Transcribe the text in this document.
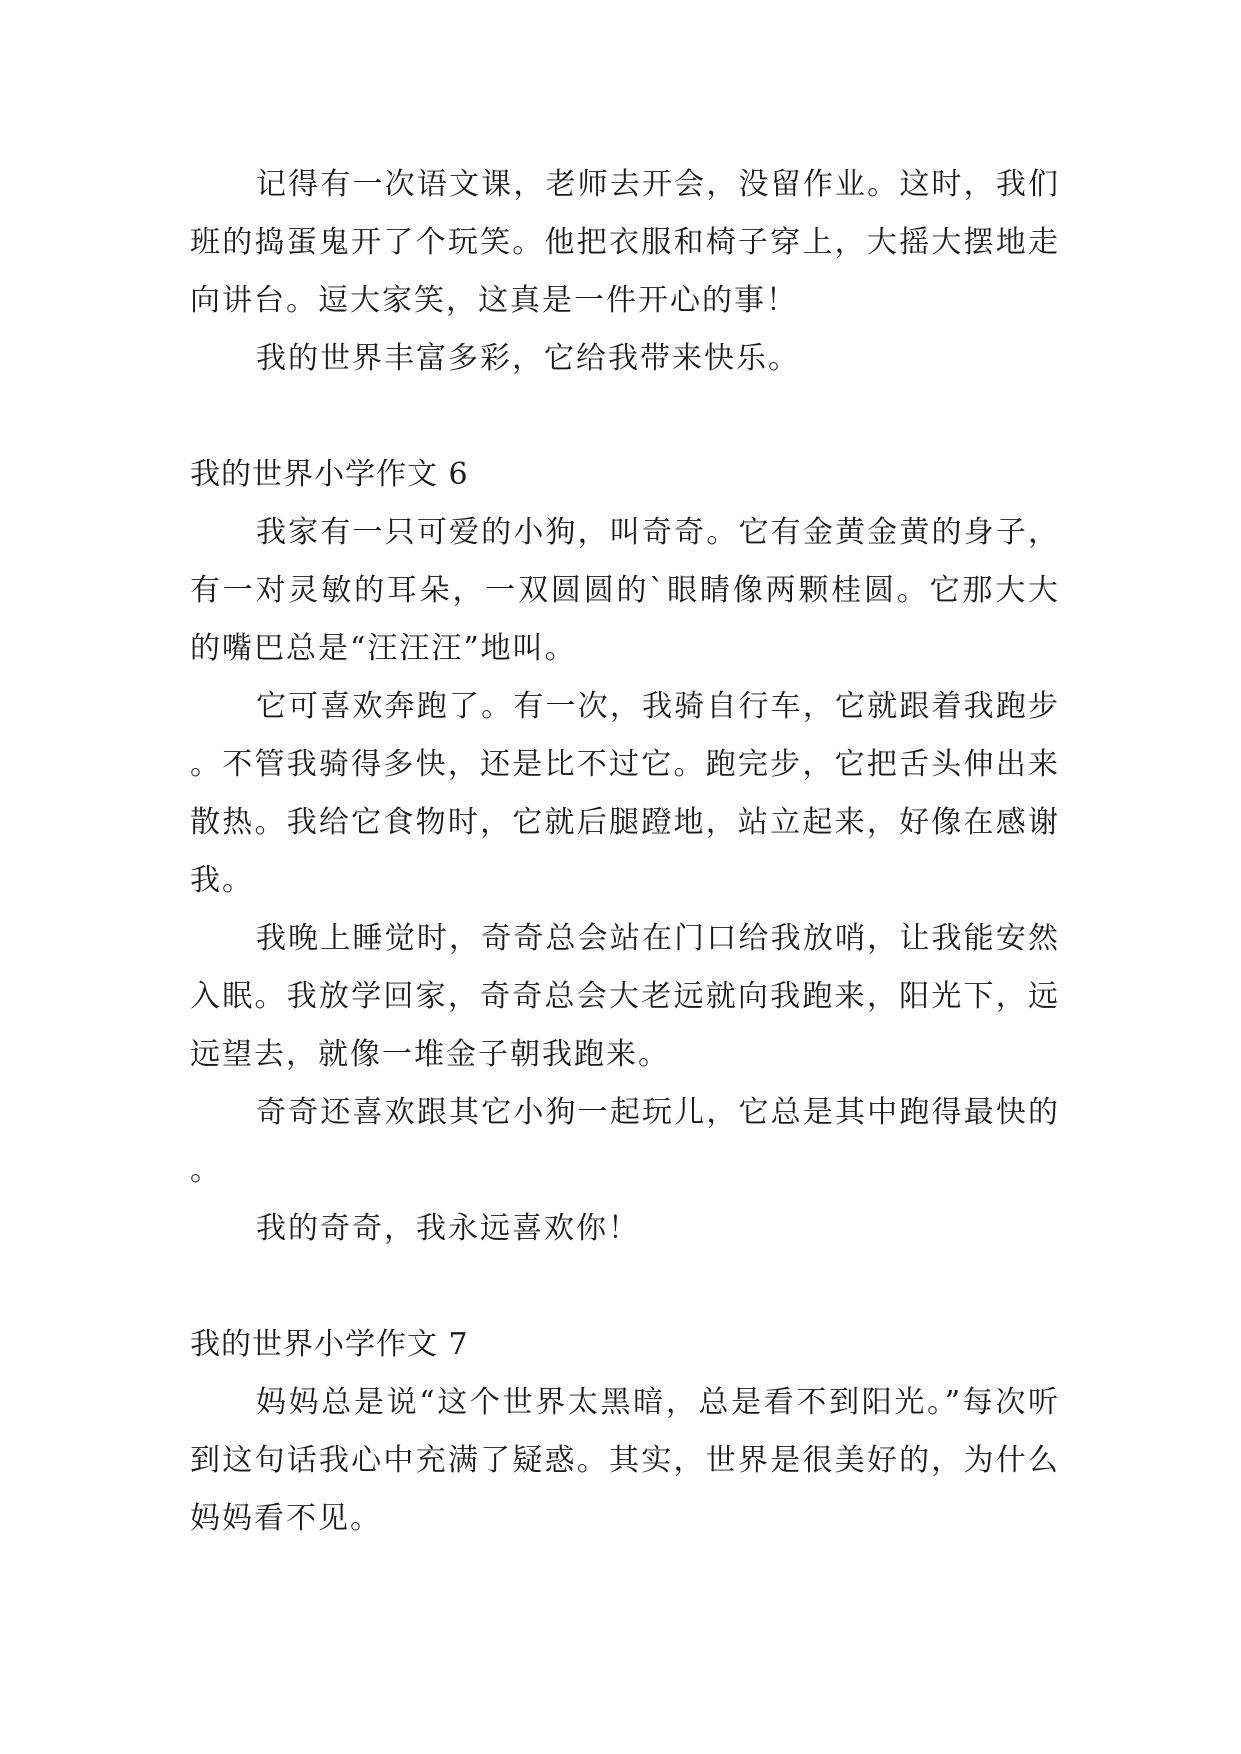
记得有一次语文课，老师去开会，没留作业。这时，我们班的捣蛋鬼开了个玩笑。他把衣服和椅子穿上，大摇大摆地走向讲台。逗大家笑，这真是一件开心的事！

我的世界丰富多彩，它给我带来快乐。

我的世界小学作文 6

我家有一只可爱的小狗，叫奇奇。它有金黄金黄的身子，有一对灵敏的耳朵，一双圆圆的`眼睛像两颗桂圆。它那大大的嘴巴总是“汪汪汪”地叫。

它可喜欢奔跑了。有一次，我骑自行车，它就跟着我跑步。不管我骑得多快，还是比不过它。跑完步，它把舌头伸出来散热。我给它食物时，它就后腿蹬地，站立起来，好像在感谢我。

我晚上睡觉时，奇奇总会站在门口给我放哨，让我能安然入眠。我放学回家，奇奇总会大老远就向我跑来，阳光下，远远望去，就像一堆金子朝我跑来。

奇奇还喜欢跟其它小狗一起玩儿，它总是其中跑得最快的。

我的奇奇，我永远喜欢你！

我的世界小学作文 7

妈妈总是说“这个世界太黑暗，总是看不到阳光。”每次听到这句话我心中充满了疑惑。其实，世界是很美好的，为什么妈妈看不见。
